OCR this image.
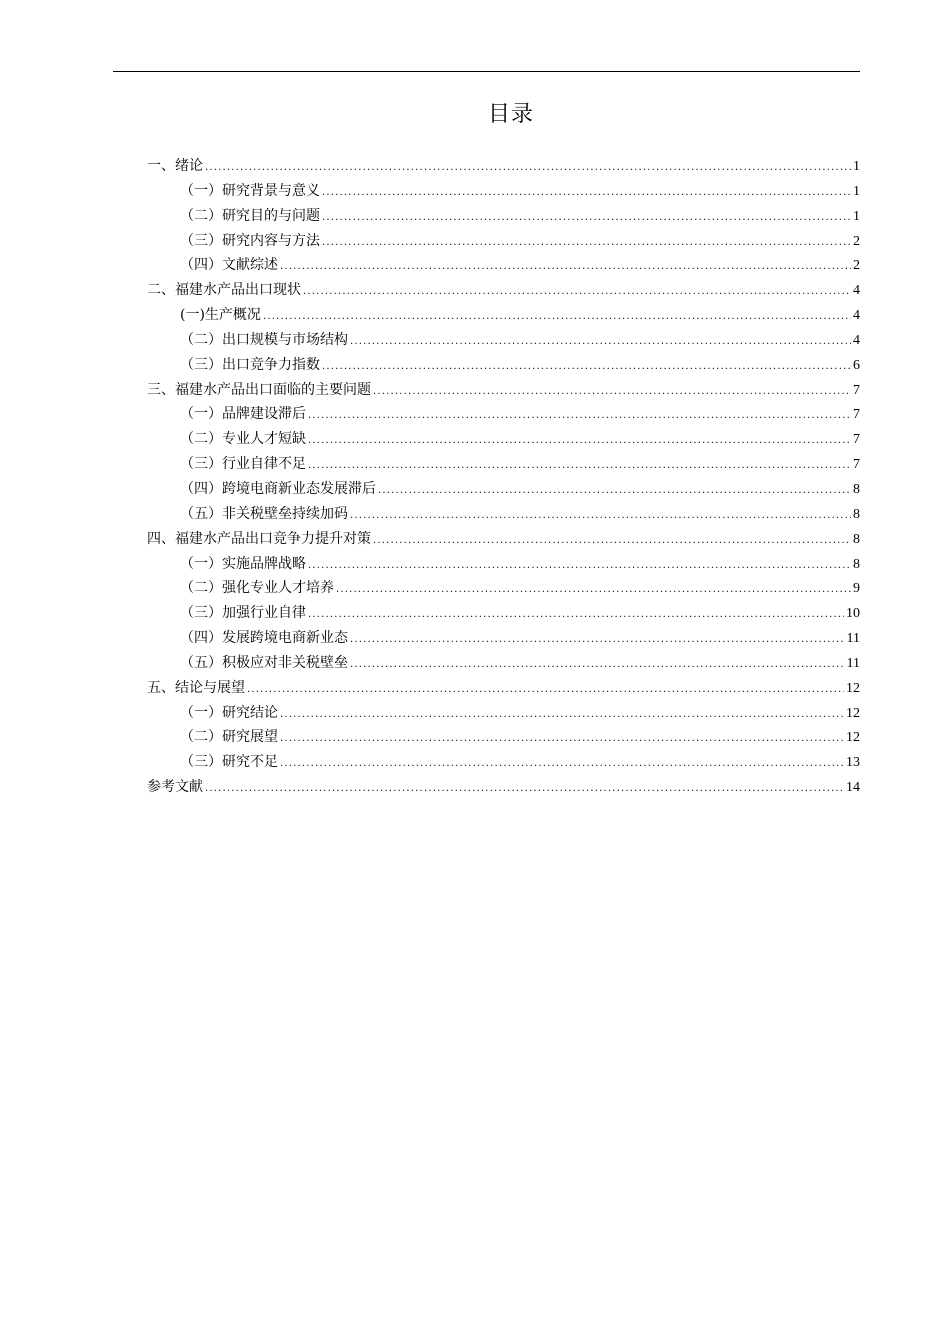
目录
一、绪论 .....	1
（一）研究背景与意义 .....	1
（二）研究目的与问题 .....	1
（三）研究内容与方法 .....	2
（四）文献综述 .....	2
二、福建水产品出口现状 .....	4
(一)生产概况 .....	4
（二）出口规模与市场结构 .....	4
（三）出口竞争力指数 .....	6
三、福建水产品出口面临的主要问题 .....	7
（一）品牌建设滞后 .....	7
（二）专业人才短缺 .....	7
（三）行业自律不足 .....	7
（四）跨境电商新业态发展滞后 .....	8
（五）非关税壁垒持续加码 .....	8
四、福建水产品出口竞争力提升对策 .....	8
（一）实施品牌战略 .....	8
（二）强化专业人才培养 .....	9
（三）加强行业自律 .....	10
（四）发展跨境电商新业态 .....	11
（五）积极应对非关税壁垒 .....	11
五、结论与展望 .....	12
（一）研究结论 .....	12
（二）研究展望 .....	12
（三）研究不足 .....	13
参考文献 .....	14
